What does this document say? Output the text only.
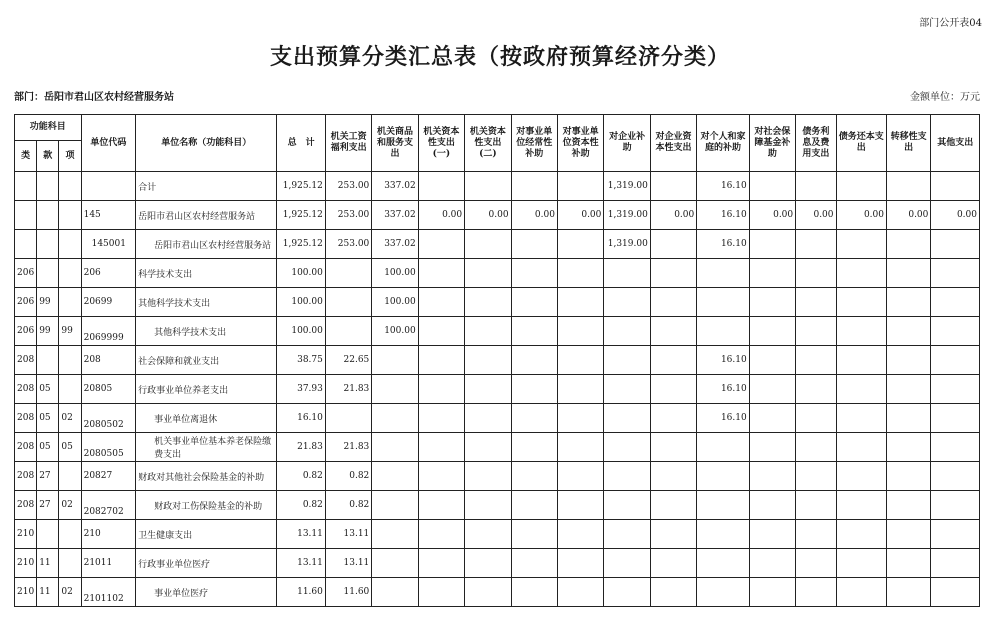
部门公开表04
支出预算分类汇总表（按政府预算经济分类）
部门：岳阳市君山区农村经营服务站	金额单位：万元
功能科目			单位代码	单位名称（功能科目）	总　计	机关工资福利支出	机关商品和服务支出	机关资本性支出(一)	机关资本性支出(二)	对事业单位经常性补助	对事业单位资本性补助	对企业补助	对企业资本性支出	对个人和家庭的补助	对社会保障基金补助	债务利息及费用支出	债务还本支出	转移性支出	其他支出
类	款	项																	
				合计	1,925.12	253.00	337.02					1,319.00		16.10					
			145	岳阳市君山区农村经营服务站	1,925.12	253.00	337.02	0.00	0.00	0.00	0.00	1,319.00	0.00	16.10	0.00	0.00	0.00	0.00	0.00
			145001	岳阳市君山区农村经营服务站	1,925.12	253.00	337.02					1,319.00		16.10					
206			206	科学技术支出	100.00		100.00												
206	99		20699	其他科学技术支出	100.00		100.00												
206	99	99	2069999	其他科学技术支出	100.00		100.00												
208			208	社会保障和就业支出	38.75	22.65								16.10					
208	05		20805	行政事业单位养老支出	37.93	21.83								16.10					
208	05	02	2080502	事业单位离退休	16.10									16.10					
208	05	05	2080505	机关事业单位基本养老保险缴费支出	21.83	21.83													
208	27		20827	财政对其他社会保险基金的补助	0.82	0.82													
208	27	02	2082702	财政对工伤保险基金的补助	0.82	0.82													
210			210	卫生健康支出	13.11	13.11													
210	11		21011	行政事业单位医疗	13.11	13.11													
210	11	02	2101102	事业单位医疗	11.60	11.60													
